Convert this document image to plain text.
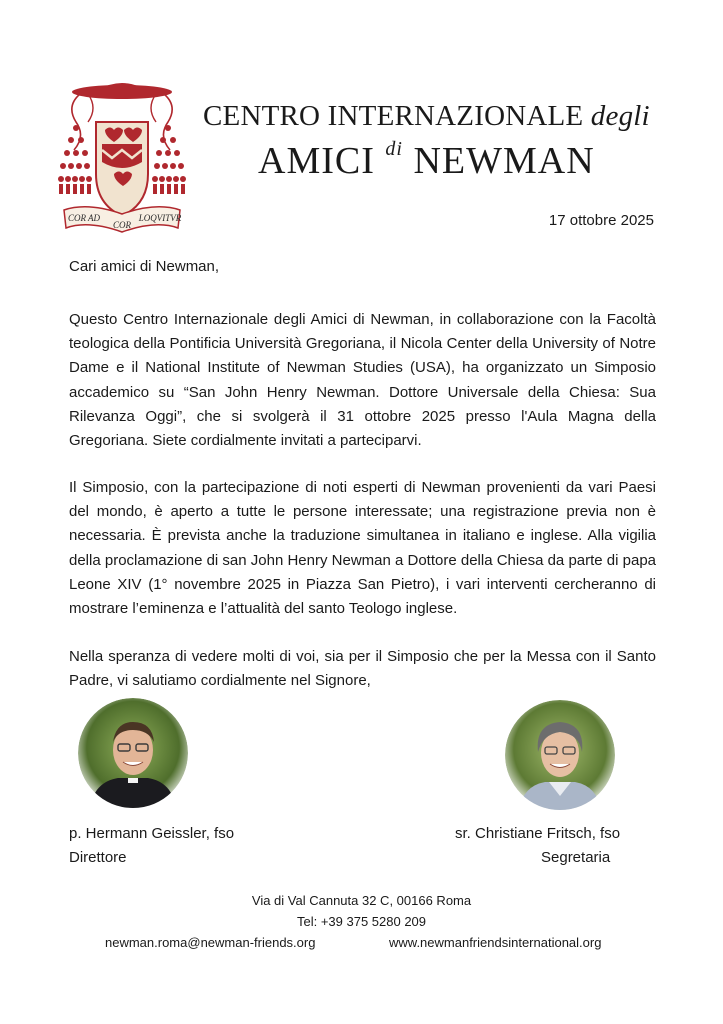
COR AD
COR
LOQVITVR
CENTRO INTERNAZIONALE degli
AMICI $^{di}$ NEWMAN
17 ottobre 2025
Cari amici di Newman,
Questo Centro Internazionale degli Amici di Newman, in collaborazione con la Facoltà teologica della Pontificia Università Gregoriana, il Nicola Center della University of Notre Dame e il National Institute of Newman Studies (USA), ha organizzato un Simposio accademico su “San John Henry Newman. Dottore Universale della Chiesa: Sua Rilevanza Oggi”, che si svolgerà il 31 ottobre 2025 presso l'Aula Magna della Gregoriana. Siete cordialmente invitati a parteciparvi.
Il Simposio, con la partecipazione di noti esperti di Newman provenienti da vari Paesi del mondo, è aperto a tutte le persone interessate; una registrazione previa non è necessaria. È prevista anche la traduzione simultanea in italiano e inglese. Alla vigilia della proclamazione di san John Henry Newman a Dottore della Chiesa da parte di papa Leone XIV (1° novembre 2025 in Piazza San Pietro), i vari interventi cercheranno di mostrare l’eminenza e l’attualità del santo Teologo inglese.
Nella speranza di vedere molti di voi, sia per il Simposio che per la Messa con il Santo Padre, vi salutiamo cordialmente nel Signore,
p. Hermann Geissler, fso
Direttore
sr. Christiane Fritsch, fso
Segretaria
Via di Val Cannuta 32 C, 00166 Roma
Tel: +39 375 5280 209
newman.roma@newman-friends.org	www.newmanfriendsinternational.org
